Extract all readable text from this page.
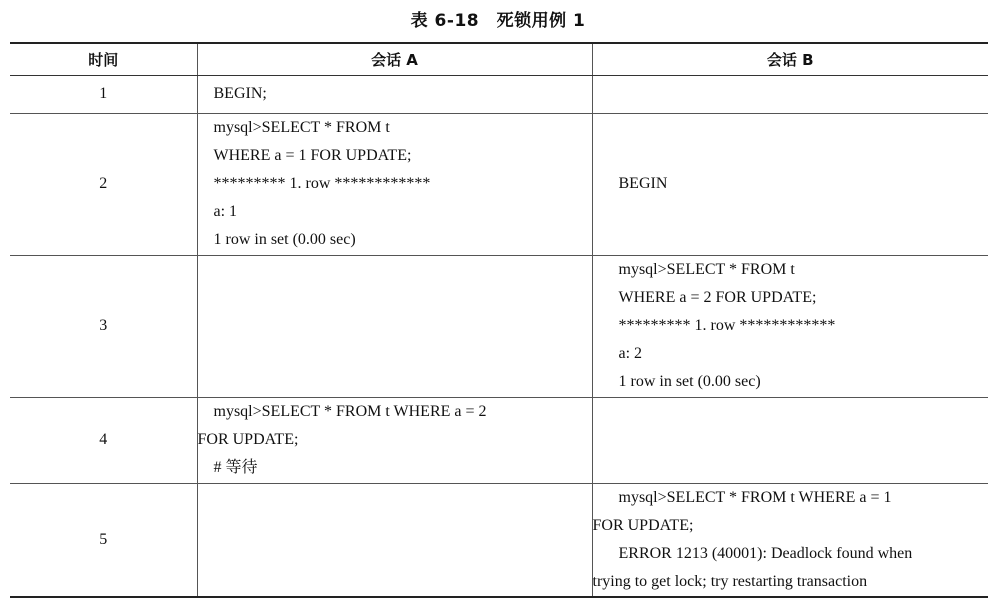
表 6-18　死锁用例 1
时间	会话 A	会话 B
1	BEGIN;	

2	mysql>SELECT * FROM t
WHERE a = 1 FOR UPDATE;
********* 1. row ************
a: 1
1 row in set (0.00 sec)	BEGIN

3		mysql>SELECT * FROM t
WHERE a = 2 FOR UPDATE;
********* 1. row ************
a: 2
1 row in set (0.00 sec)

4	mysql>SELECT * FROM t WHERE a = 2
FOR UPDATE;
# 等待	

5		mysql>SELECT * FROM t WHERE a = 1
FOR UPDATE;
ERROR 1213 (40001): Deadlock found when
trying to get lock; try restarting transaction
